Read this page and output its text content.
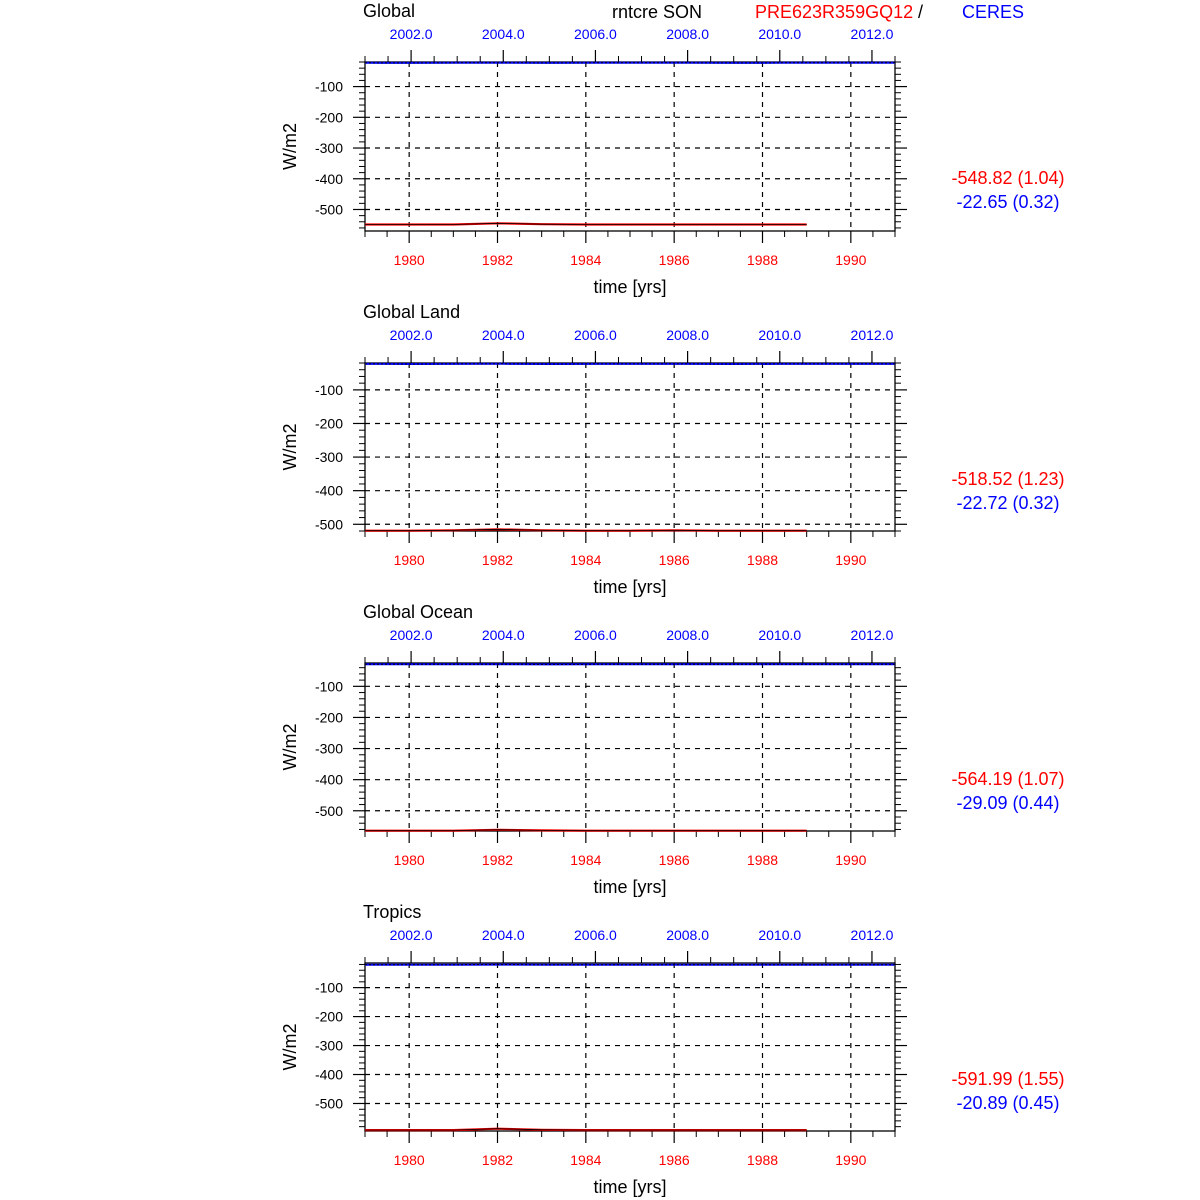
rntcre SON	PRE623R359GQ12 / CERES
Global
W/m2
time [yrs]
-100
-200
-300
-400
-500
1980	1982	1984	1986	1988	1990
2002.0	2004.0	2006.0	2008.0	2010.0	2012.0
-548.82 (1.04)
-22.65 (0.32)
Global Land
W/m2
time [yrs]
-100
-200
-300
-400
-500
1980	1982	1984	1986	1988	1990
2002.0	2004.0	2006.0	2008.0	2010.0	2012.0
-518.52 (1.23)
-22.72 (0.32)
Global Ocean
W/m2
time [yrs]
-100
-200
-300
-400
-500
1980	1982	1984	1986	1988	1990
2002.0	2004.0	2006.0	2008.0	2010.0	2012.0
-564.19 (1.07)
-29.09 (0.44)
Tropics
W/m2
time [yrs]
-100
-200
-300
-400
-500
1980	1982	1984	1986	1988	1990
2002.0	2004.0	2006.0	2008.0	2010.0	2012.0
-591.99 (1.55)
-20.89 (0.45)
